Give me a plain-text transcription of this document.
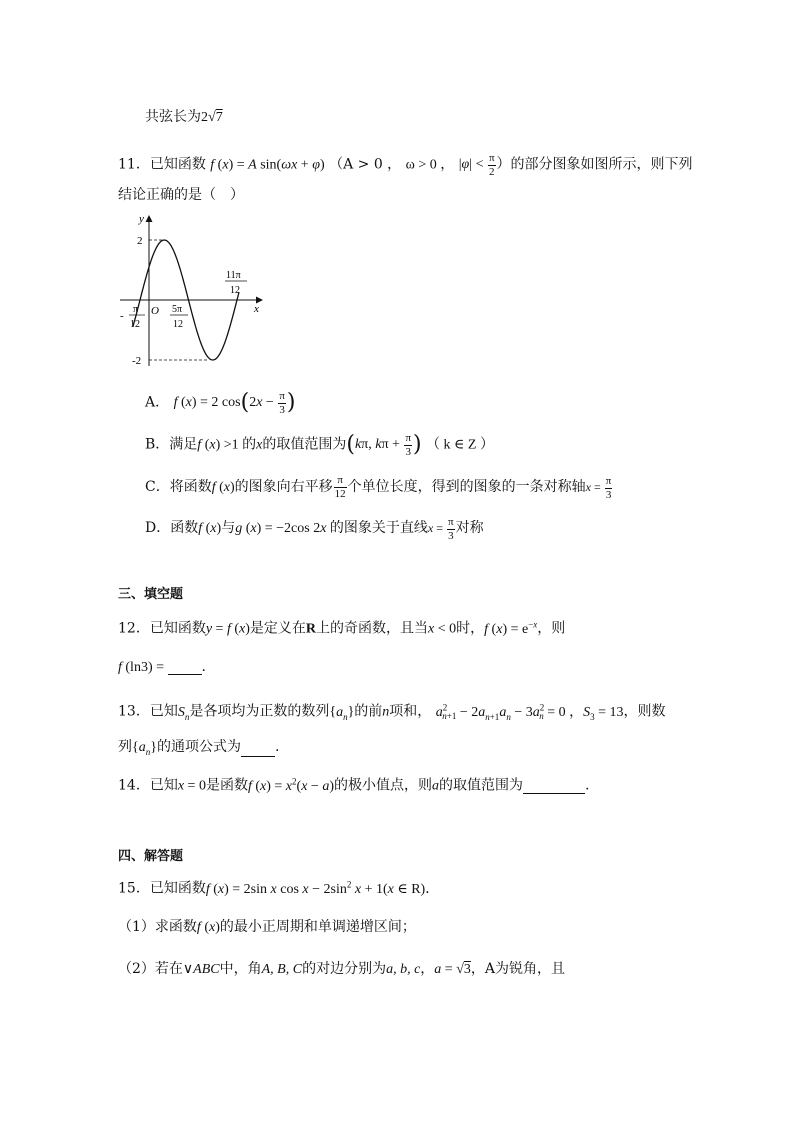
共弦长为2√7
11．已知函数 f (x) = A sin(ωx + φ) （A > 0 ， ω > 0 ， $|\varphi| < \frac{\pi}{2}$ ）的部分图象如图所示，则下列
结论正确的是（　）
y
x
O
2
-2
-
π
12
5π
12
11π
12
A． f (x) = 2 $\cos(2x - \frac{\pi}{3}$ )
B．满足f (x) >1 的x的取值范围为(kπ, $k\pi + \frac{\pi}{3}$ ) （ k ∈ Z ）
C．将函数f (x)的图象向右平移 $\frac{\pi}{12}$ 个单位长度，得到的图象的一条对称轴$x = \frac{\pi}{3}$
D．函数f (x)与g (x) = −2cos 2x 的图象关于直线$x = \frac{\pi}{3}$ 对称
三、填空题
12．已知函数y = f (x)是定义在R上的奇函数，且当x < 0时，f $(x) = e^{-x}$，则
f (ln3) = .
13．已知$S_n$是各项均为正数的数列$\{a_n\}$的前n项和， $a^2_{n+1} - 2a_{n+1}a_n - 3a^2_n = 0$ ，$S_3 = 13$，则数
列$\{a_n\}$的通项公式为 .
14．已知x = 0是函数f $(x) = x^2(x - a)$的极小值点，则a的取值范围为	.
四、解答题
15．已知函数f (x) = 2sin x $\cos x - 2\sin^2$ x + 1(x ∈ R)．
（1）求函数f (x)的最小正周期和单调递增区间；
（2）若在∨ABC中，角A, B, C的对边分别为a, b, c，a = √3，A为锐角，且
